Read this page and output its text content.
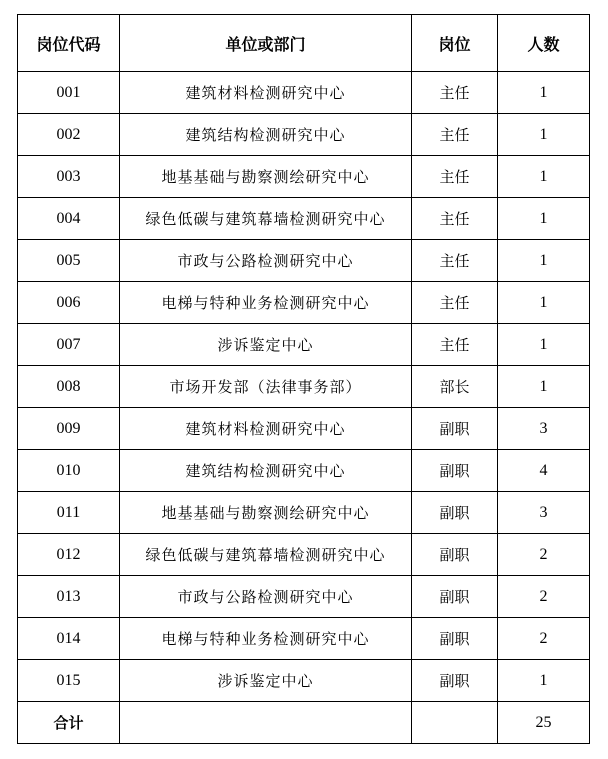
岗位代码	单位或部门	岗位	人数
001	建筑材料检测研究中心	主任	1
002	建筑结构检测研究中心	主任	1
003	地基基础与勘察测绘研究中心	主任	1
004	绿色低碳与建筑幕墙检测研究中心	主任	1
005	市政与公路检测研究中心	主任	1
006	电梯与特种业务检测研究中心	主任	1
007	涉诉鉴定中心	主任	1
008	市场开发部（法律事务部）	部长	1
009	建筑材料检测研究中心	副职	3
010	建筑结构检测研究中心	副职	4
011	地基基础与勘察测绘研究中心	副职	3
012	绿色低碳与建筑幕墙检测研究中心	副职	2
013	市政与公路检测研究中心	副职	2
014	电梯与特种业务检测研究中心	副职	2
015	涉诉鉴定中心	副职	1
合计			25
